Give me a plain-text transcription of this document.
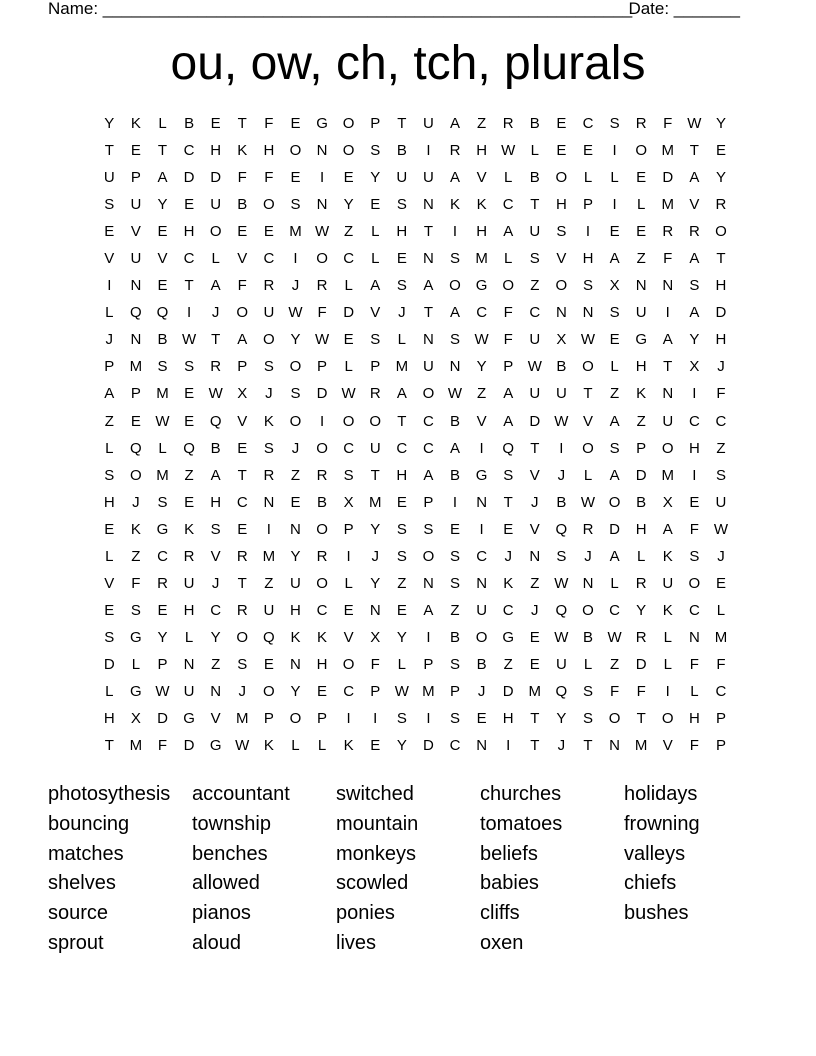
Name: ________________________________________________________
Date: _______
ou, ow, ch, tch, plurals
Y	K	L	B	E	T	F	E	G O	P	T	U	A	Z	R	B	E	C	S	R	F W Y
T	E	T	C	H	K	H	O	N	O	S	B	I	R	H W	L	E	E	I	O M	T	E
U	P	A	D	D	F	F	E	I	E	Y	U	U	A	V	L	B	O	L	L	E	D	A	Y
S	U	Y	E	U	B	O	S	N	Y	E	S	N	K	K	C	T	H	P	I	L	M	V	R
E	V	E	H	O	E	E	M W Z	L	H	T	I	H	A	U	S	I	E	E	R	R	O
V	U	V	C	L	V	C	I	O	C	L	E	N	S	M	L	S	V	H	A	Z	F	A	T
I	N	E	T	A	F	R	J	R	L	A	S	A	O G O	Z	O	S	X	N	N	S	H
L	Q Q	I	J	O	U W F	D	V	J	T	A	C	F	C	N	N	S	U	I	A	D
J	N	B W T	A	O	Y W E	S	L	N	S W F	U	X W E	G	A	Y	H
P	M	S	S	R	P	S	O	P	L	P	M U	N	Y	P W B	O	L	H	T	X	J
A	P	M	E W X	J	S	D W R	A	O W Z	A	U	U	T	Z	K	N	I	F
Z	E W E	Q	V	K	O	I	O O	T	C	B	V	A	D W V	A	Z	U	C	C
L	Q	L	Q	B	E	S	J	O	C	U	C	C	A	I	Q	T	I	O	S	P	O	H	Z
S	O M	Z	A	T	R	Z	R	S	T	H	A	B	G	S	V	J	L	A	D M	I	S
H	J	S	E	H	C	N	E	B	X	M	E	P	I	N	T	J	B W O	B	X	E	U
E	K	G	K	S	E	I	N	O	P	Y	S	S	E	I	E	V	Q	R	D	H	A	F W
L	Z	C	R	V	R M	Y	R	I	J	S	O	S	C	J	N	S	J	A	L	K	S	J
V	F	R	U	J	T	Z	U	O	L	Y	Z	N	S	N	K	Z W N	L	R	U	O	E
E	S	E	H	C	R	U	H	C	E	N	E	A	Z	U	C	J	Q O	C	Y	K	C	L
S	G	Y	L	Y	O Q	K	K	V	X	Y	I	B	O G	E W B W R	L	N M
D	L	P	N	Z	S	E	N	H	O	F	L	P	S	B	Z	E	U	L	Z	D	L	F	F
L	G W U	N	J	O	Y	E	C	P W M	P	J	D M Q	S	F	F	I	L	C
H	X	D	G	V	M	P	O	P	I	I	S	I	S	E	H	T	Y	S	O	T	O	H	P
T	M	F	D	G W K	L	L	K	E	Y	D	C	N	I	T	J	T	N M	V	F	P
photosythesis	accountant	switched	churches	holidays
bouncing	township	mountain	tomatoes	frowning
matches	benches	monkeys	beliefs	valleys
shelves	allowed	scowled	babies	chiefs
source	pianos	ponies	cliffs	bushes
sprout	aloud	lives	oxen
